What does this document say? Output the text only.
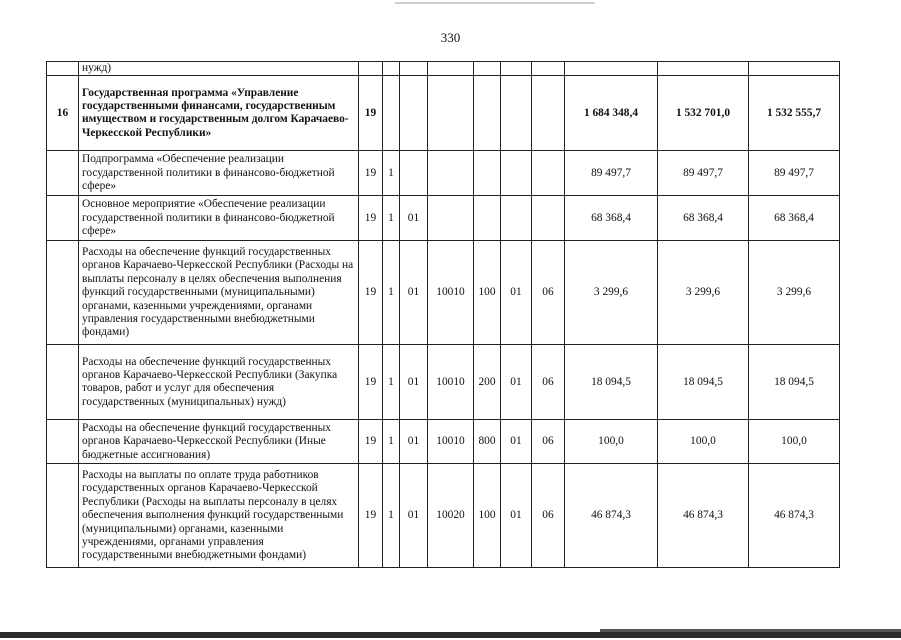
330
	нужд)										
16	Государственная программа «Управление государственными финансами, государственным имуществом и государственным долгом Карачаево-Черкесской Республики»	19							1 684 348,4	1 532 701,0	1 532 555,7
	Подпрограмма «Обеспечение реализации государственной политики в финансово-бюджетной сфере»	19	1						89 497,7	89 497,7	89 497,7
	Основное мероприятие «Обеспечение реализации государственной политики в финансово-бюджетной сфере»	19	1	01					68 368,4	68 368,4	68 368,4
	Расходы на обеспечение функций государственных органов Карачаево-Черкесской Республики (Расходы на выплаты персоналу в целях обеспечения выполнения функций государственными (муниципальными) органами, казенными учреждениями, органами управления государственными внебюджетными фондами)	19	1	01	10010	100	01	06	3 299,6	3 299,6	3 299,6
	Расходы на обеспечение функций государственных органов Карачаево-Черкесской Республики (Закупка товаров, работ и услуг для обеспечения государственных (муниципальных) нужд)	19	1	01	10010	200	01	06	18 094,5	18 094,5	18 094,5
	Расходы на обеспечение функций государственных органов Карачаево-Черкесской Республики (Иные бюджетные ассигнования)	19	1	01	10010	800	01	06	100,0	100,0	100,0
	Расходы на выплаты по оплате труда работников государственных органов Карачаево-Черкесской Республики (Расходы на выплаты персоналу в целях обеспечения выполнения функций государственными (муниципальными) органами, казенными учреждениями, органами управления государственными внебюджетными фондами)	19	1	01	10020	100	01	06	46 874,3	46 874,3	46 874,3
